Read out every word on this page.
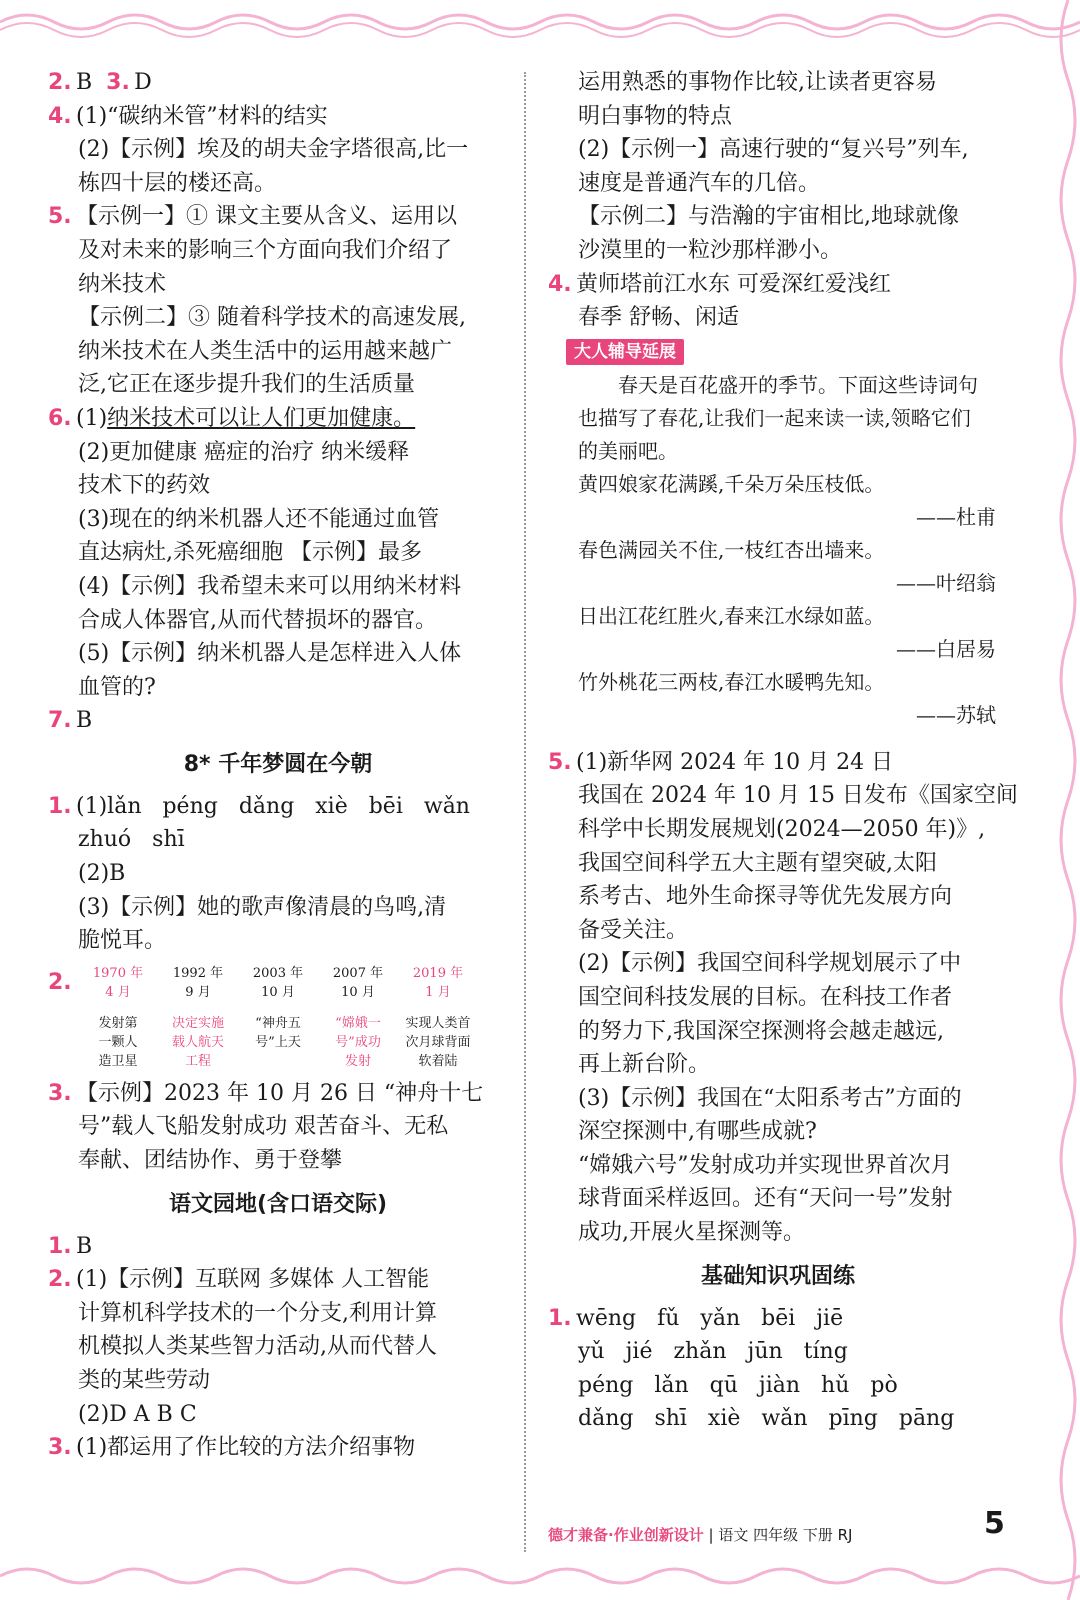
2. B 3. D
4. (1)“碳纳米管”材料的结实
(2)【示例】埃及的胡夫金字塔很高,比一
栋四十层的楼还高。
5. 【示例一】① 课文主要从含义、运用以
及对未来的影响三个方面向我们介绍了
纳米技术
【示例二】③ 随着科学技术的高速发展,
纳米技术在人类生活中的运用越来越广
泛,它正在逐步提升我们的生活质量
6. (1)纳米技术可以让人们更加健康。
(2)更加健康 癌症的治疗 纳米缓释
技术下的药效
(3)现在的纳米机器人还不能通过血管
直达病灶,杀死癌细胞 【示例】最多
(4)【示例】我希望未来可以用纳米材料
合成人体器官,从而代替损坏的器官。
(5)【示例】纳米机器人是怎样进入人体
血管的?
7. B
8* 千年梦圆在今朝
1. (1)lǎn péng dǎng xiè bēi wǎn
zhuó shī
(2)B
(3)【示例】她的歌声像清晨的鸟鸣,清
脆悦耳。
2.	1970 年
4 月
1992 年
9 月
2003 年
10 月
2007 年
10 月
2019 年
1 月
发射第
一颗人
造卫星
决定实施
载人航天
工程
“神舟五
号”上天
“嫦娥一
号”成功
发射
实现人类首
次月球背面
软着陆
3. 【示例】2023 年 10 月 26 日 “神舟十七
号”载人飞船发射成功 艰苦奋斗、无私
奉献、团结协作、勇于登攀
语文园地(含口语交际)
1. B
2. (1)【示例】互联网 多媒体 人工智能
计算机科学技术的一个分支,利用计算
机模拟人类某些智力活动,从而代替人
类的某些劳动
(2)D A B C
3. (1)都运用了作比较的方法介绍事物
运用熟悉的事物作比较,让读者更容易
明白事物的特点
(2)【示例一】高速行驶的“复兴号”列车,
速度是普通汽车的几倍。
【示例二】与浩瀚的宇宙相比,地球就像
沙漠里的一粒沙那样渺小。
4. 黄师塔前江水东 可爱深红爱浅红
春季 舒畅、闲适
大人辅导延展
春天是百花盛开的季节。下面这些诗词句也描写了春花,让我们一起来读一读,领略它们的美丽吧。
黄四娘家花满蹊,千朵万朵压枝低。
——杜甫
春色满园关不住,一枝红杏出墙来。
——叶绍翁
日出江花红胜火,春来江水绿如蓝。
——白居易
竹外桃花三两枝,春江水暖鸭先知。
——苏轼
5. (1)新华网 2024 年 10 月 24 日
我国在 2024 年 10 月 15 日发布《国家空间
科学中长期发展规划(2024—2050 年)》,
我国空间科学五大主题有望突破,太阳
系考古、地外生命探寻等优先发展方向
备受关注。
(2)【示例】我国空间科学规划展示了中
国空间科技发展的目标。在科技工作者
的努力下,我国深空探测将会越走越远,
再上新台阶。
(3)【示例】我国在“太阳系考古”方面的
深空探测中,有哪些成就?
“嫦娥六号”发射成功并实现世界首次月
球背面采样返回。还有“天问一号”发射
成功,开展火星探测等。
基础知识巩固练
1. wēng fǔ yǎn bēi jiē
yǔ jié zhǎn jūn tíng
péng lǎn qū jiàn hǔ pò
dǎng shī xiè wǎn pīng pāng
德才兼备·作业创新设计 | 语文 四年级 下册 RJ	5
